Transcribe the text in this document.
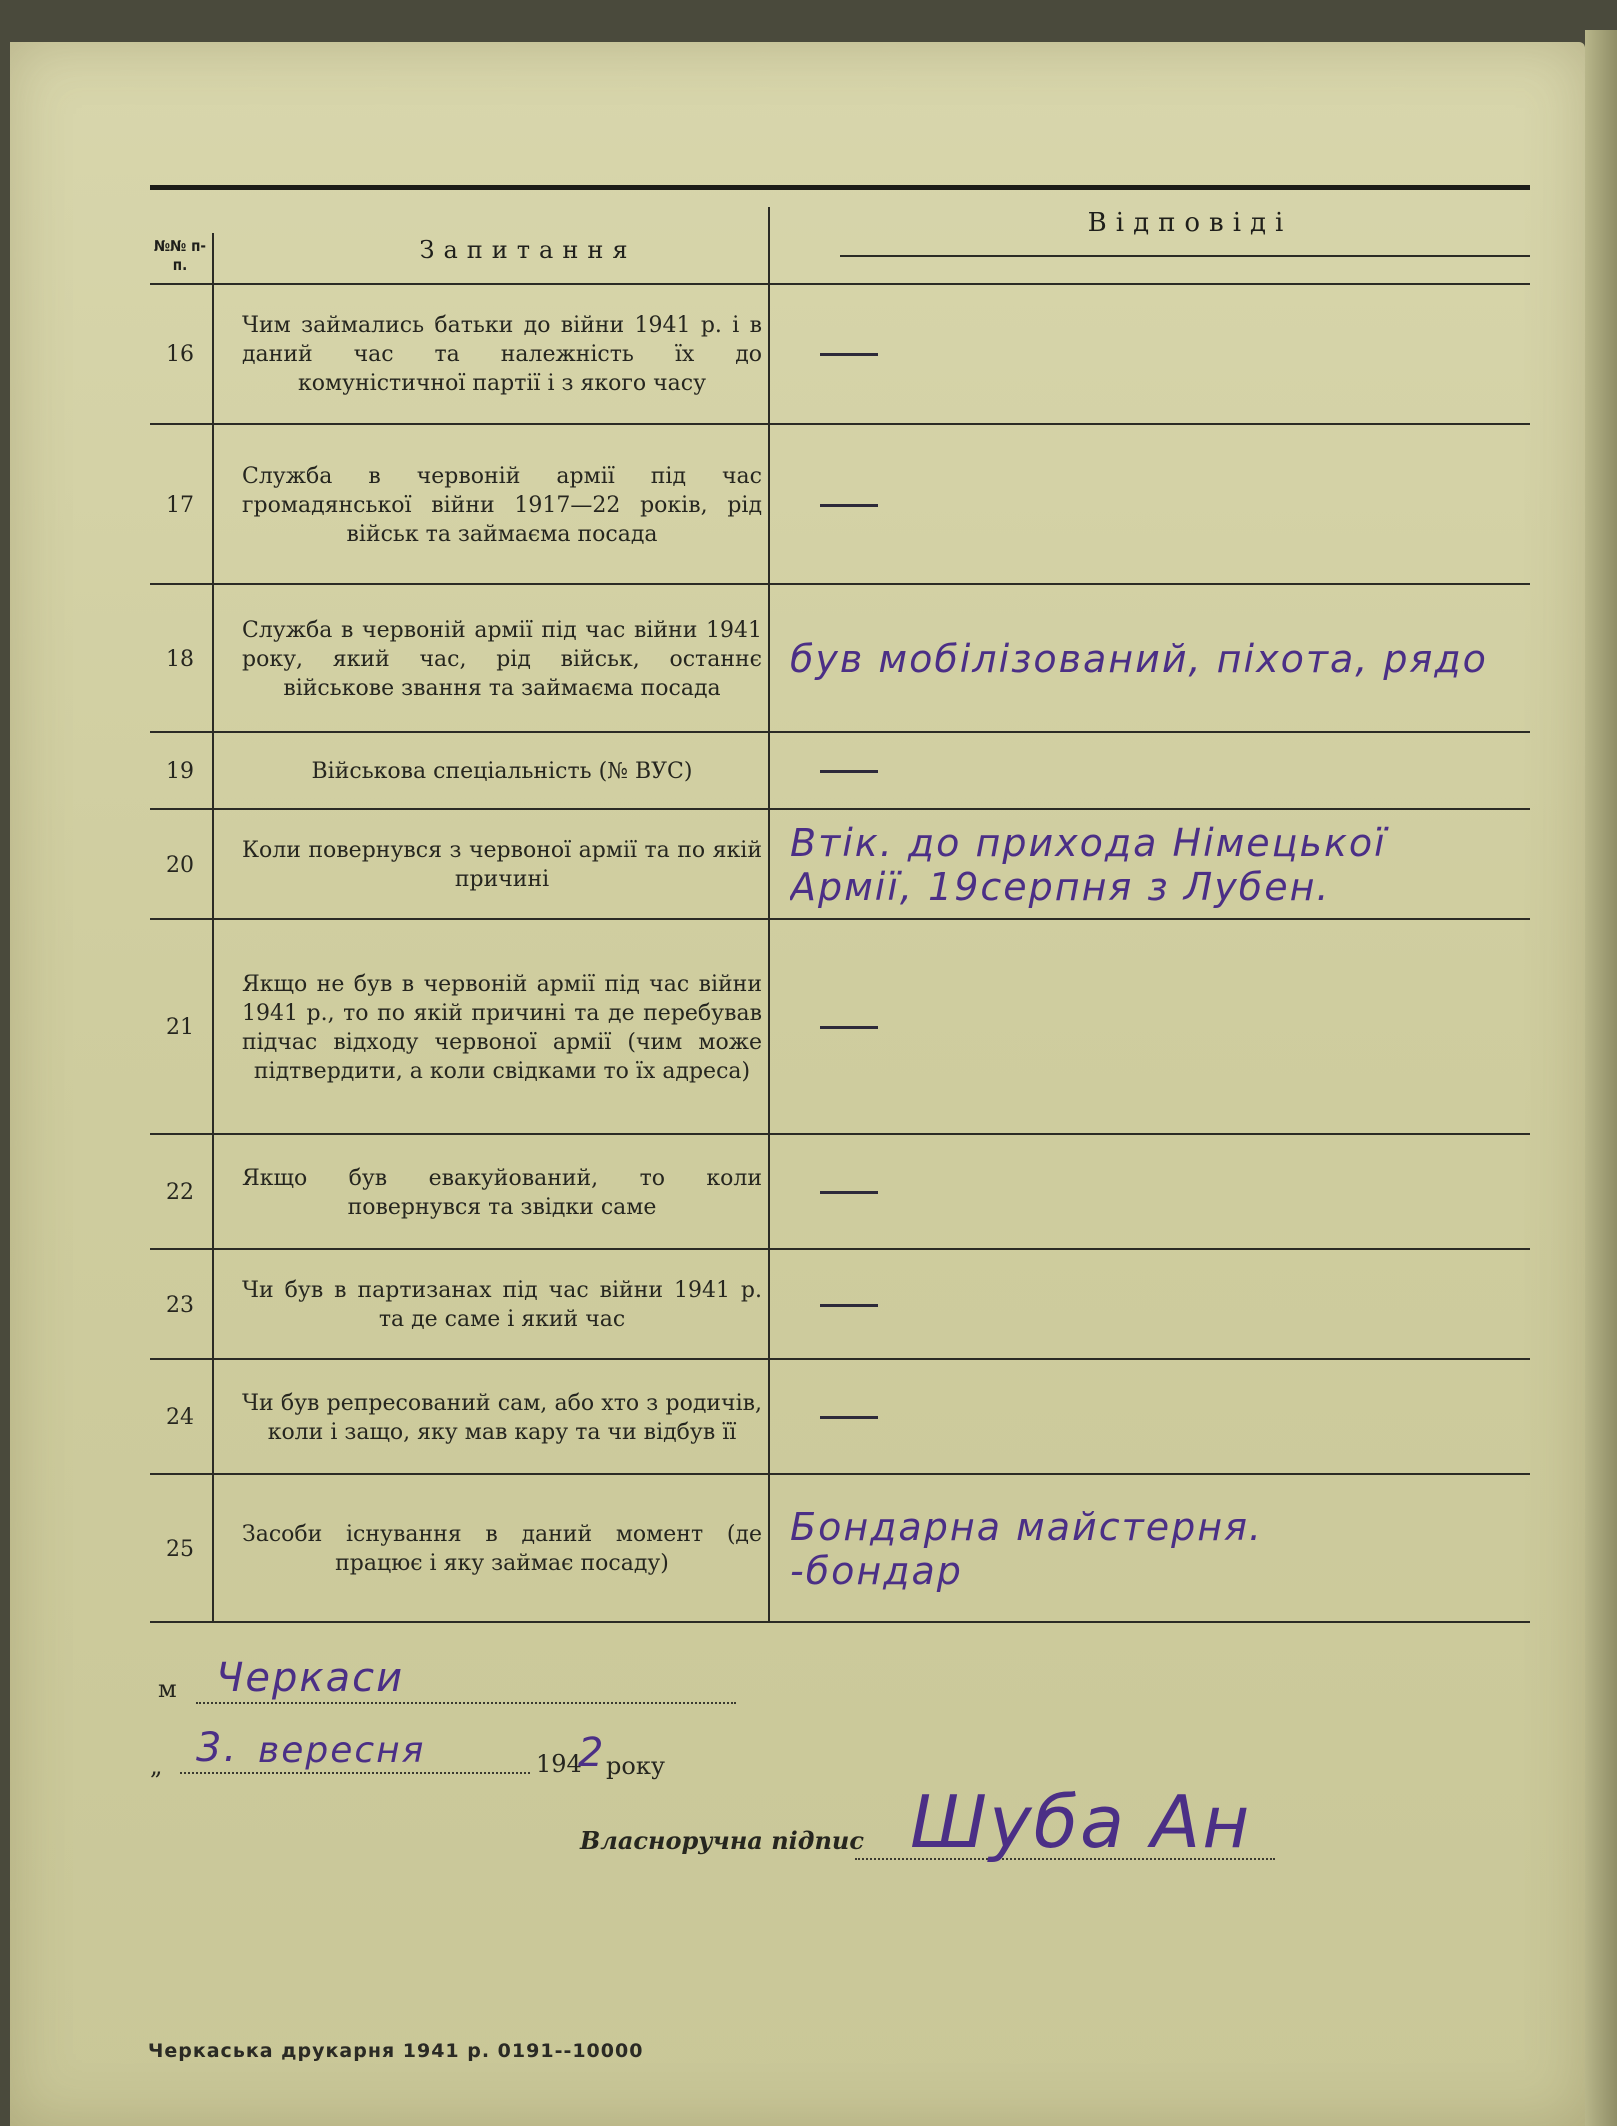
№№ п-п.
Запитання
Відповіді
16
Чим займались батьки до війни 1941 р. і в даний час та належність їх до комуністичної партії і з якого часу
17
Служба в червоній армії під час громадянської війни 1917—22 років, рід військ та займаєма посада
18
Служба в червоній армії під час війни 1941 року, який час, рід військ, останнє військове звання та займаєма посада
був мобілізований, піхота, рядо
19	Військова спеціальність (№ ВУС)
20
Коли повернувся з червоної армії та по якій причині
Втік. до прихода Німецької
Армії, 19серпня з Лубен.
21
Якщо не був в червоній армії під час війни 1941 р., то по якій причині та де перебував підчас відходу червоної армії (чим може підтвердити, а коли свідками то їх адреса)
22
Якщо був евакуйований, то коли повернувся та звідки саме
23
Чи був в партизанах під час війни 1941 р. та де саме і який час
24
Чи був репресований сам, або хто з родичів, коли і защо, яку мав кару та чи відбув її
25
Засоби існування в даний момент (де працює і яку займає посаду)
Бондарна майстерня.
-бондар
м Черкаси
„ 3. вересня	194
2 року
Власноручна підпис Шуба Ан
Черкаська друкарня 1941 р. 0191--10000
